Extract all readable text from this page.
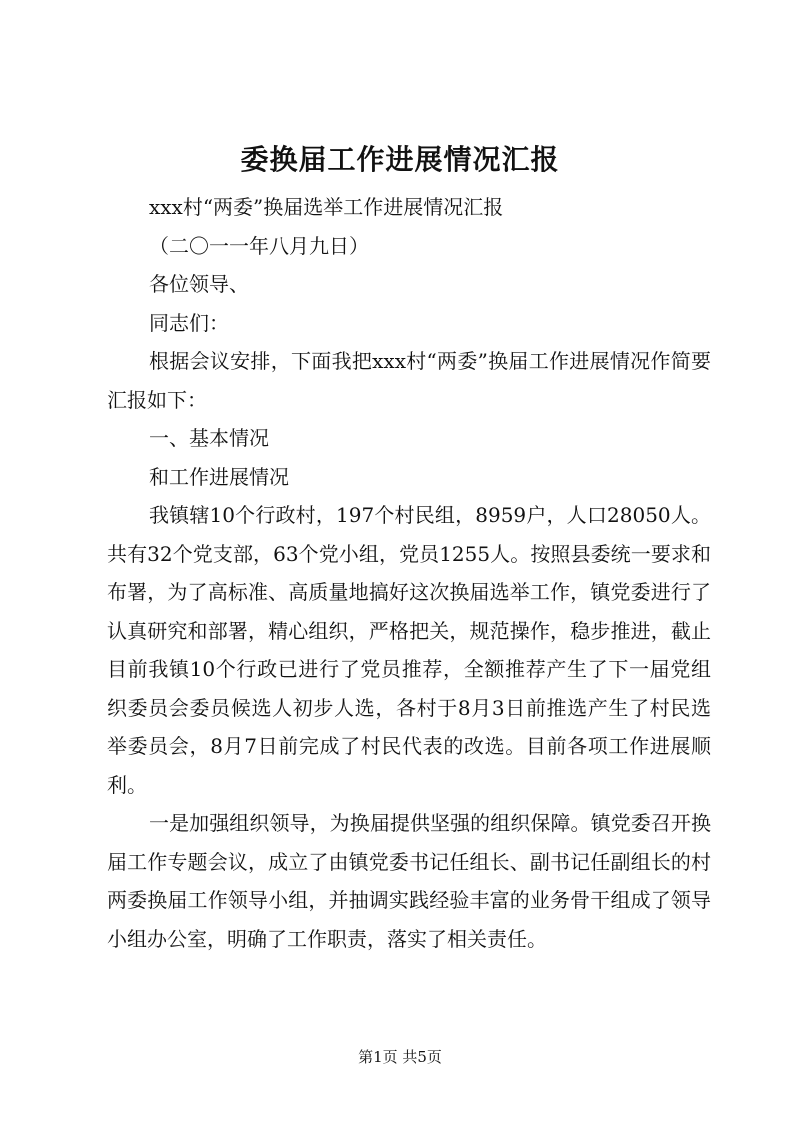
委换届工作进展情况汇报

xxx村“两委”换届选举工作进展情况汇报

（二〇一一年八月九日）

各位领导、

同志们：

根据会议安排，下面我把xxx村“两委”换届工作进展情况作简要汇报如下：

一、基本情况

和工作进展情况

我镇辖10个行政村，197个村民组，8959户，人口28050人。共有32个党支部，63个党小组，党员1255人。按照县委统一要求和布署，为了高标准、高质量地搞好这次换届选举工作，镇党委进行了认真研究和部署，精心组织，严格把关，规范操作，稳步推进，截止目前我镇10个行政已进行了党员推荐，全额推荐产生了下一届党组织委员会委员候选人初步人选，各村于8月3日前推选产生了村民选举委员会，8月7日前完成了村民代表的改选。目前各项工作进展顺利。

一是加强组织领导，为换届提供坚强的组织保障。镇党委召开换届工作专题会议，成立了由镇党委书记任组长、副书记任副组长的村两委换届工作领导小组，并抽调实践经验丰富的业务骨干组成了领导小组办公室，明确了工作职责，落实了相关责任。

第1页 共5页
